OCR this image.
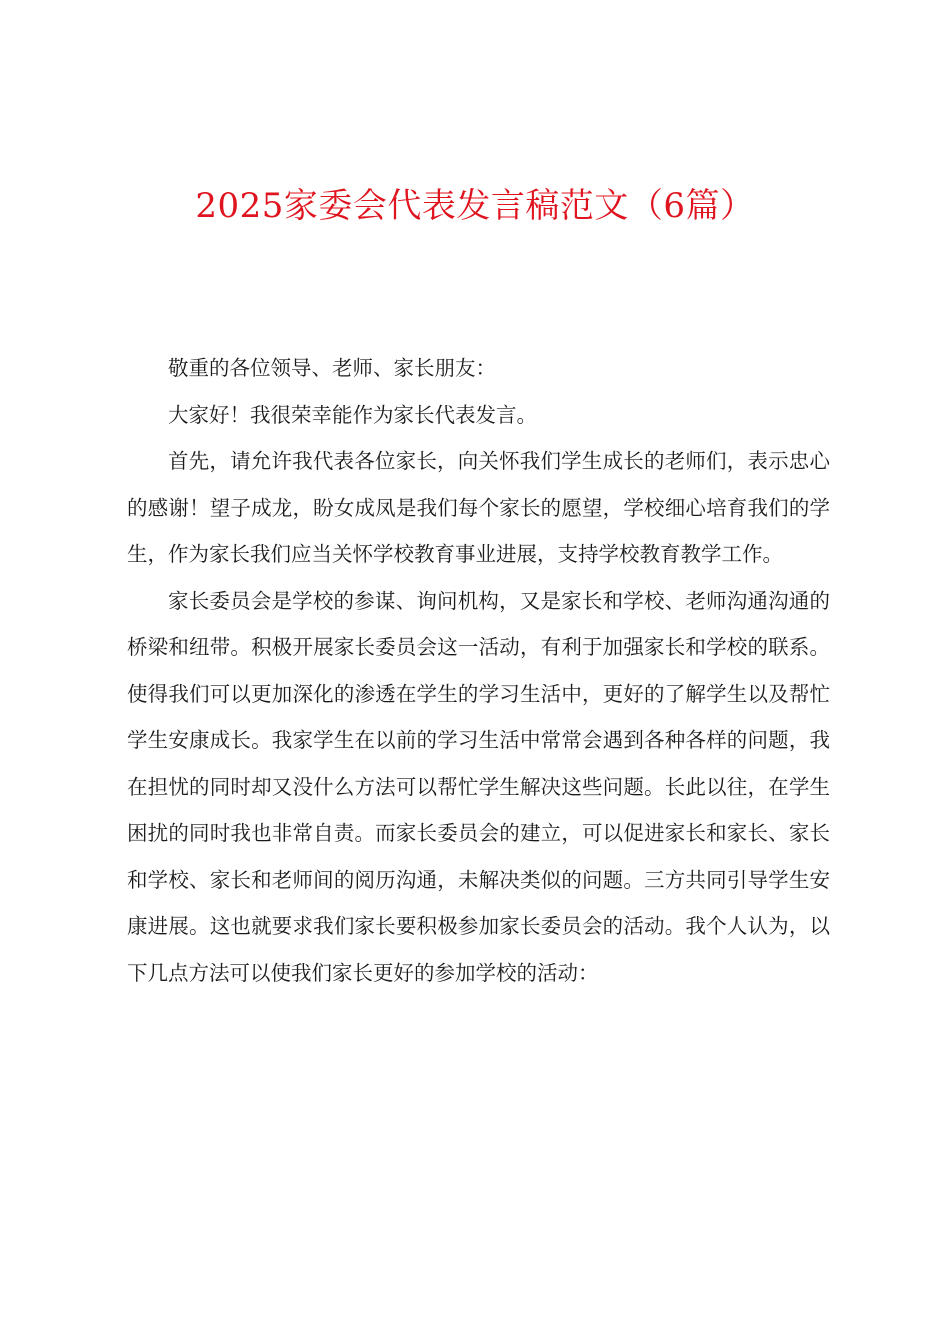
2025家委会代表发言稿范文（6篇）

敬重的各位领导、老师、家长朋友：

大家好！我很荣幸能作为家长代表发言。

首先，请允许我代表各位家长，向关怀我们学生成长的老师们，表示忠心的感谢！望子成龙，盼女成凤是我们每个家长的愿望，学校细心培育我们的学生，作为家长我们应当关怀学校教育事业进展，支持学校教育教学工作。

家长委员会是学校的参谋、询问机构，又是家长和学校、老师沟通沟通的桥梁和纽带。积极开展家长委员会这一活动，有利于加强家长和学校的联系。使得我们可以更加深化的渗透在学生的学习生活中，更好的了解学生以及帮忙学生安康成长。我家学生在以前的学习生活中常常会遇到各种各样的问题，我在担忧的同时却又没什么方法可以帮忙学生解决这些问题。长此以往，在学生困扰的同时我也非常自责。而家长委员会的建立，可以促进家长和家长、家长和学校、家长和老师间的阅历沟通，未解决类似的问题。三方共同引导学生安康进展。这也就要求我们家长要积极参加家长委员会的活动。我个人认为，以下几点方法可以使我们家长更好的参加学校的活动：
